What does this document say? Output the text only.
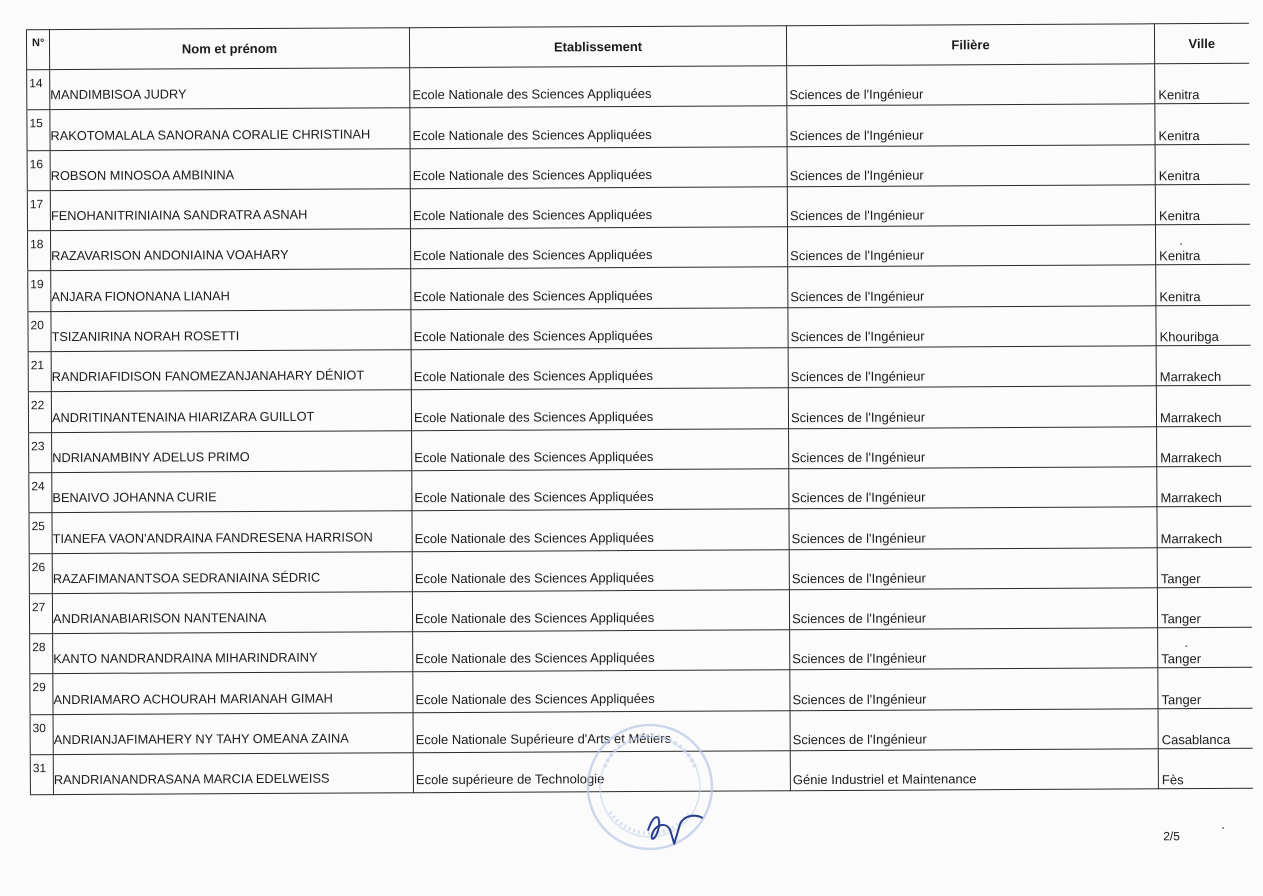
N°	Nom et prénom	Etablissement	Filière	Ville
14	MANDIMBISOA JUDRY	Ecole Nationale des Sciences Appliquées	Sciences de l'Ingénieur	Kenitra
15	RAKOTOMALALA SANORANA CORALIE CHRISTINAH	Ecole Nationale des Sciences Appliquées	Sciences de l'Ingénieur	Kenitra
16	ROBSON MINOSOA AMBININA	Ecole Nationale des Sciences Appliquées	Sciences de l'Ingénieur	Kenitra
17	FENOHANITRINIAINA SANDRATRA ASNAH	Ecole Nationale des Sciences Appliquées	Sciences de l'Ingénieur	Kenitra
18	RAZAVARISON ANDONIAINA VOAHARY	Ecole Nationale des Sciences Appliquées	Sciences de l'Ingénieur	Kenitra
19	ANJARA FIONONANA LIANAH	Ecole Nationale des Sciences Appliquées	Sciences de l'Ingénieur	Kenitra
20	TSIZANIRINA NORAH ROSETTI	Ecole Nationale des Sciences Appliquées	Sciences de l'Ingénieur	Khouribga
21	RANDRIAFIDISON FANOMEZANJANAHARY DÉNIOT	Ecole Nationale des Sciences Appliquées	Sciences de l'Ingénieur	Marrakech
22	ANDRITINANTENAINA HIARIZARA GUILLOT	Ecole Nationale des Sciences Appliquées	Sciences de l'Ingénieur	Marrakech
23	NDRIANAMBINY ADELUS PRIMO	Ecole Nationale des Sciences Appliquées	Sciences de l'Ingénieur	Marrakech
24	BENAIVO JOHANNA CURIE	Ecole Nationale des Sciences Appliquées	Sciences de l'Ingénieur	Marrakech
25	TIANEFA VAON'ANDRAINA FANDRESENA HARRISON	Ecole Nationale des Sciences Appliquées	Sciences de l'Ingénieur	Marrakech
26	RAZAFIMANANTSOA SEDRANIAINA SÉDRIC	Ecole Nationale des Sciences Appliquées	Sciences de l'Ingénieur	Tanger
27	ANDRIANABIARISON NANTENAINA	Ecole Nationale des Sciences Appliquées	Sciences de l'Ingénieur	Tanger
28	KANTO NANDRANDRAINA MIHARINDRAINY	Ecole Nationale des Sciences Appliquées	Sciences de l'Ingénieur	Tanger
29	ANDRIAMARO ACHOURAH MARIANAH GIMAH	Ecole Nationale des Sciences Appliquées	Sciences de l'Ingénieur	Tanger
30	ANDRIANJAFIMAHERY NY TAHY OMEANA ZAINA	Ecole Nationale Supérieure d'Arts et Métiers	Sciences de l'Ingénieur	Casablanca
31	RANDRIANANDRASANA MARCIA EDELWEISS	Ecole supérieure de Technologie	Génie Industriel et Maintenance	Fès
2/5
